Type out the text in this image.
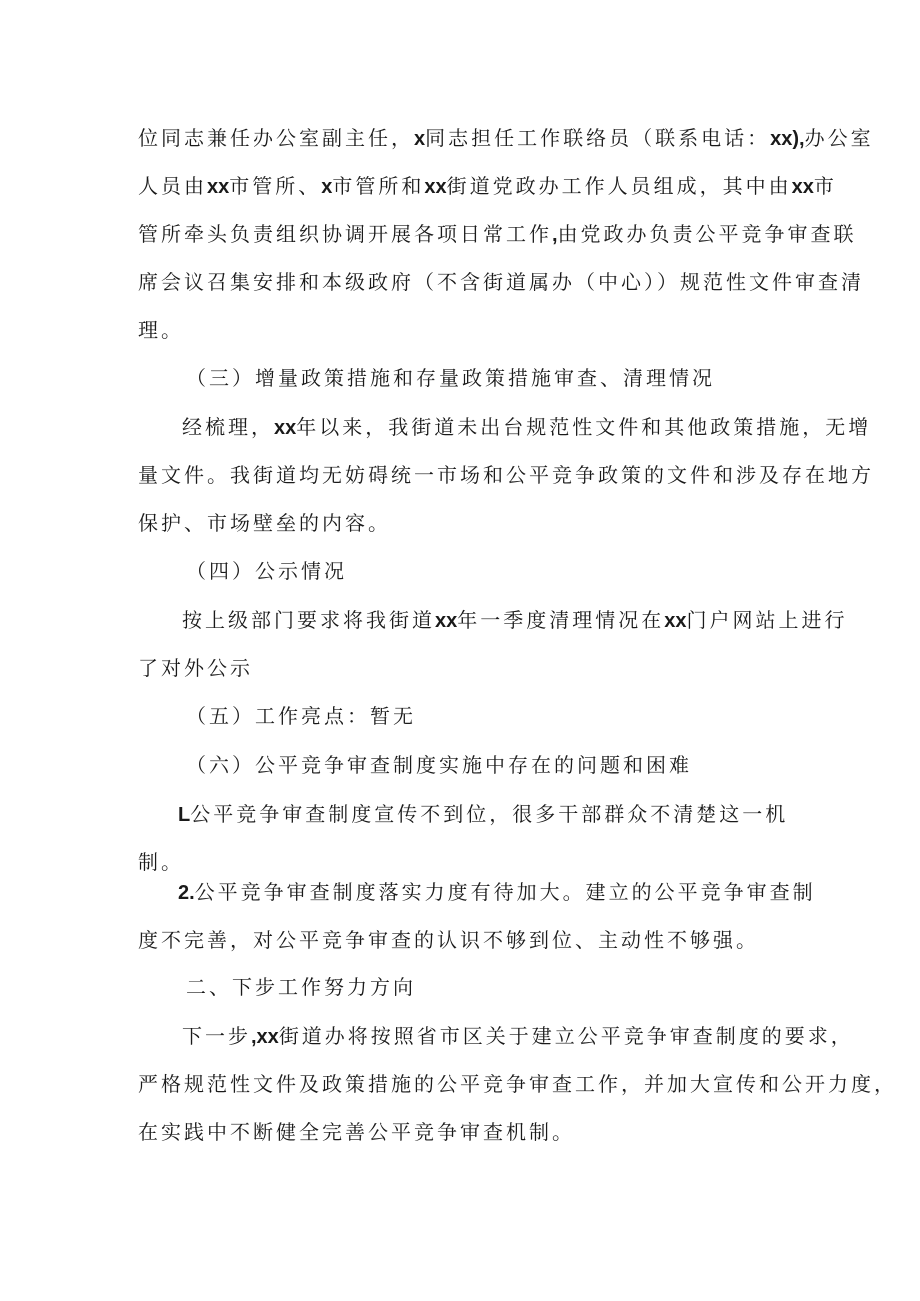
位同志兼任办公室副主任，x同志担任工作联络员（联系电话：xx),办公室
人员由xx市管所、x市管所和xx街道党政办工作人员组成，其中由xx市
管所牵头负责组织协调开展各项日常工作,由党政办负责公平竞争审查联
席会议召集安排和本级政府（不含街道属办（中心））规范性文件审查清
理。
（三）增量政策措施和存量政策措施审查、清理情况
经梳理，xx年以来，我街道未出台规范性文件和其他政策措施，无增
量文件。我街道均无妨碍统一市场和公平竞争政策的文件和涉及存在地方
保护、市场壁垒的内容。
（四）公示情况
按上级部门要求将我街道xx年一季度清理情况在xx门户网站上进行
了对外公示
（五）工作亮点：暂无
（六）公平竞争审查制度实施中存在的问题和困难
L公平竞争审查制度宣传不到位，很多干部群众不清楚这一机
制。
2.公平竞争审查制度落实力度有待加大。建立的公平竞争审查制
度不完善，对公平竞争审查的认识不够到位、主动性不够强。
二、下步工作努力方向
下一步,xx街道办将按照省市区关于建立公平竞争审查制度的要求，
严格规范性文件及政策措施的公平竞争审查工作，并加大宣传和公开力度，
在实践中不断健全完善公平竞争审查机制。
